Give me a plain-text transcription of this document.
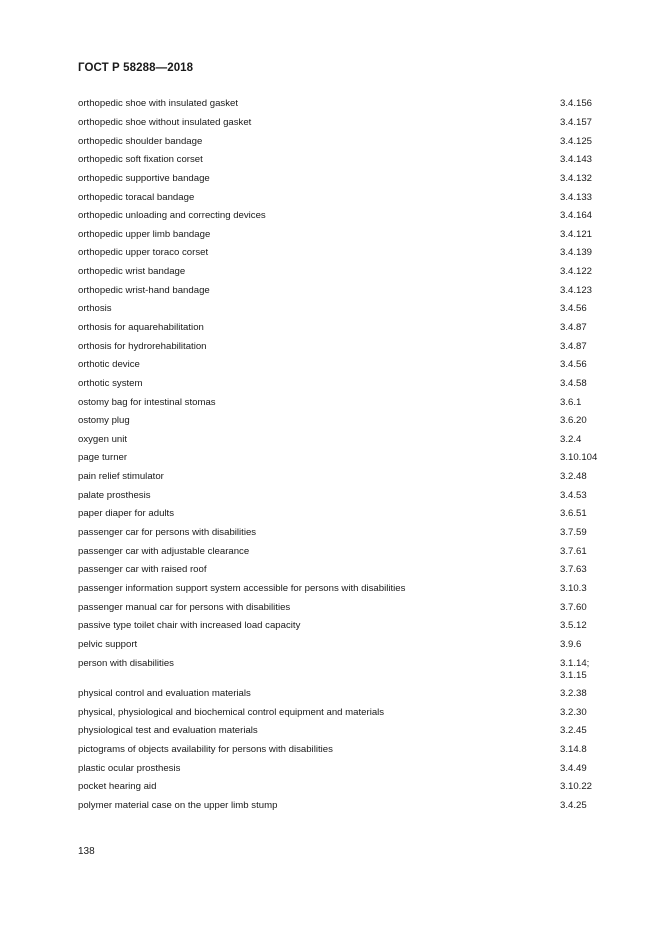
ГОСТ Р 58288—2018
orthopedic shoe with insulated gasket	3.4.156
orthopedic shoe without insulated gasket	3.4.157
orthopedic shoulder bandage	3.4.125
orthopedic soft fixation corset	3.4.143
orthopedic supportive bandage	3.4.132
orthopedic toracal bandage	3.4.133
orthopedic unloading and correcting devices	3.4.164
orthopedic upper limb bandage	3.4.121
orthopedic upper toraco corset	3.4.139
orthopedic wrist bandage	3.4.122
orthopedic wrist-hand bandage	3.4.123
orthosis	3.4.56
orthosis for aquarehabilitation	3.4.87
orthosis for hydrorehabilitation	3.4.87
orthotic device	3.4.56
orthotic system	3.4.58
ostomy bag for intestinal stomas	3.6.1
ostomy plug	3.6.20
oxygen unit	3.2.4
page turner	3.10.104
pain relief stimulator	3.2.48
palate prosthesis	3.4.53
paper diaper for adults	3.6.51
passenger car for persons with disabilities	3.7.59
passenger car with adjustable clearance	3.7.61
passenger car with raised roof	3.7.63
passenger information support system accessible for persons with disabilities	3.10.3
passenger manual car for persons with disabilities	3.7.60
passive type toilet chair with increased load capacity	3.5.12
pelvic support	3.9.6
person with disabilities	3.1.14;
3.1.15
physical control and evaluation materials	3.2.38
physical, physiological and biochemical control equipment and materials	3.2.30
physiological test and evaluation materials	3.2.45
pictograms of objects availability for persons with disabilities	3.14.8
plastic ocular prosthesis	3.4.49
pocket hearing aid	3.10.22
polymer material case on the upper limb stump	3.4.25
138
